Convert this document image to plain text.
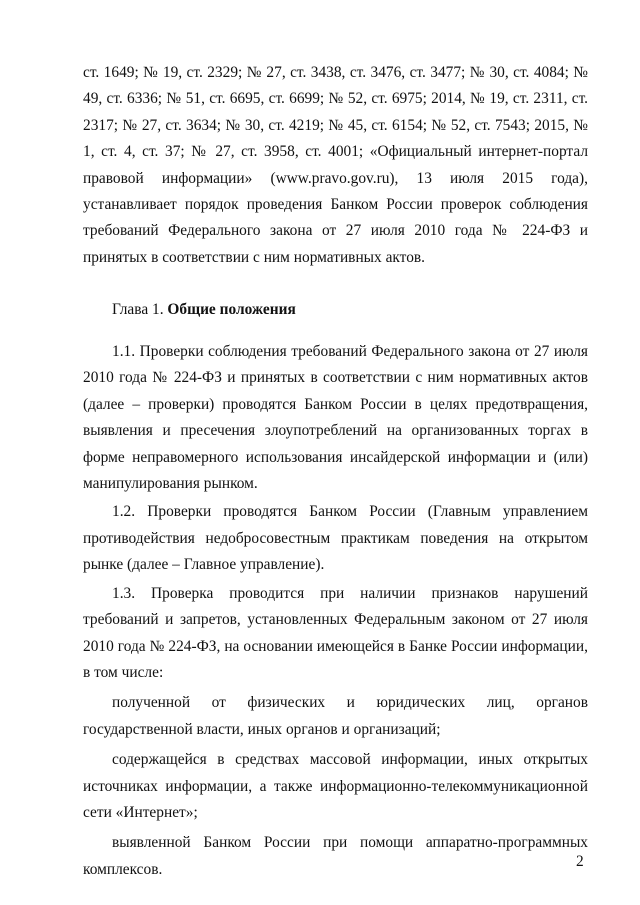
ст. 1649; № 19, ст. 2329; № 27, ст. 3438, ст. 3476, ст. 3477; № 30, ст. 4084; № 49, ст. 6336; № 51, ст. 6695, ст. 6699; № 52, ст. 6975; 2014, № 19, ст. 2311, ст. 2317; № 27, ст. 3634; № 30, ст. 4219; № 45, ст. 6154; № 52, ст. 7543; 2015, № 1, ст. 4, ст. 37; № 27, ст. 3958, ст. 4001; «Официальный интернет-портал правовой информации» (www.pravo.gov.ru), 13 июля 2015 года), устанавливает порядок проведения Банком России проверок соблюдения требований Федерального закона от 27 июля 2010 года № 224-ФЗ и принятых в соответствии с ним нормативных актов.

Глава 1. Общие положения

1.1. Проверки соблюдения требований Федерального закона от 27 июля 2010 года № 224-ФЗ и принятых в соответствии с ним нормативных актов (далее – проверки) проводятся Банком России в целях предотвращения, выявления и пресечения злоупотреблений на организованных торгах в форме неправомерного использования инсайдерской информации и (или) манипулирования рынком.

1.2. Проверки проводятся Банком России (Главным управлением противодействия недобросовестным практикам поведения на открытом рынке (далее – Главное управление).

1.3. Проверка проводится при наличии признаков нарушений требований и запретов, установленных Федеральным законом от 27 июля 2010 года № 224-ФЗ, на основании имеющейся в Банке России информации, в том числе:

полученной от физических и юридических лиц, органов государственной власти, иных органов и организаций;

содержащейся в средствах массовой информации, иных открытых источниках информации, а также информационно-телекоммуникационной сети «Интернет»;

выявленной Банком России при помощи аппаратно-программных комплексов.	2
